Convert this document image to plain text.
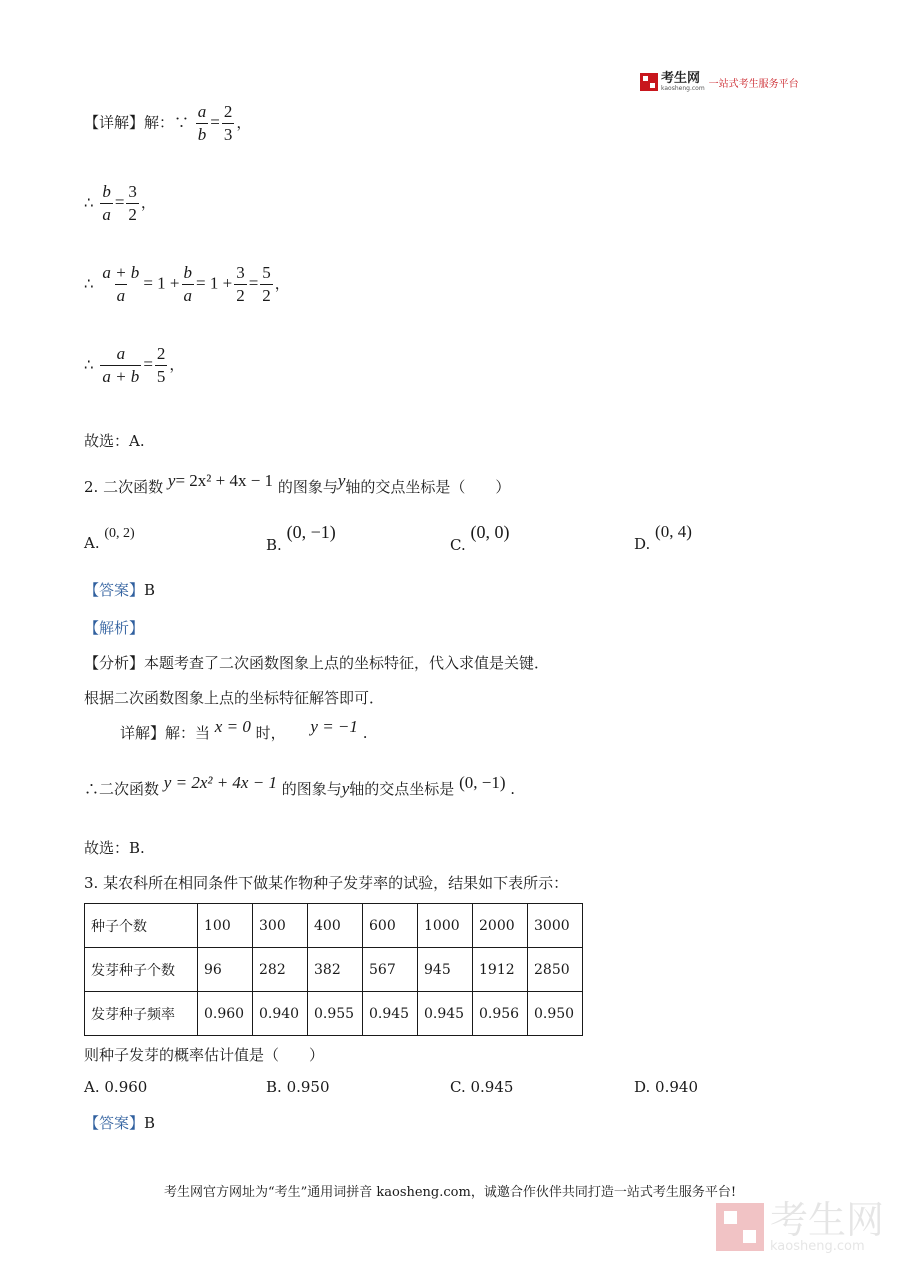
考生网
kaosheng.com 一站式考生服务平台
【详解】解：∵ $\frac{a}{b} = \frac{2}{3}$ ，
∴ $\frac{b}{a} = \frac{3}{2}$ ，
∴ $\frac{a + b}{a} = 1 + \frac{b}{a} = 1 + \frac{3}{2} = \frac{5}{2}$ ，
∴ $\frac{a}{a + b} = \frac{2}{5}$ ，
故选：A.
2. 二次函数 y= 2x² + 4x − 1 的图象与y轴的交点坐标是（　　）
A. (0, 2)
B. (0, −1)
C. (0, 0)
D. (0, 4)
【答案】B
【解析】
【分析】本题考查了二次函数图象上点的坐标特征，代入求值是关键．
根据二次函数图象上点的坐标特征解答即可．
详解】解：当 x = 0 时， y = −1 .
∴二次函数 y = 2x² + 4x − 1 的图象与y轴的交点坐标是 (0, −1) .
故选：B.
3. 某农科所在相同条件下做某作物种子发芽率的试验，结果如下表所示：
种子个数	100	300	400	600	1000	2000	3000
发芽种子个数	96	282	382	567	945	1912	2850
发芽种子频率	0.960	0.940	0.955	0.945	0.945	0.956	0.950
则种子发芽的概率估计值是（　　）
A. 0.960	B. 0.950	C. 0.945	D. 0.940
【答案】B
考生网官方网址为“考生”通用词拼音 kaosheng.com，诚邀合作伙伴共同打造一站式考生服务平台!
考生网
kaosheng.com
